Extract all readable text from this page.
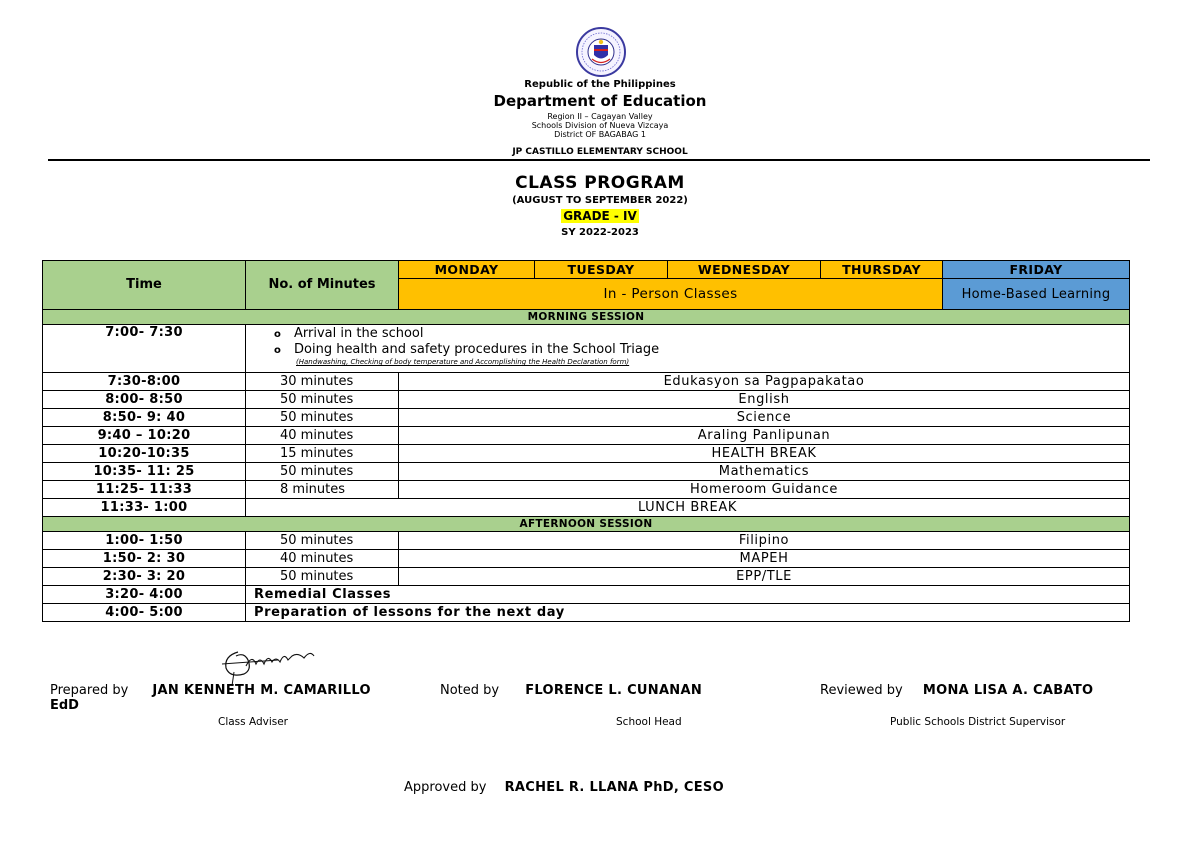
Republic of the Philippines
Department of Education
Region II – Cagayan Valley
Schools Division of Nueva Vizcaya
District OF BAGABAG 1
JP CASTILLO ELEMENTARY SCHOOL
CLASS PROGRAM
(AUGUST TO SEPTEMBER 2022)
GRADE - IV
SY 2022-2023
Time	No. of Minutes	MONDAY	TUESDAY	WEDNESDAY	THURSDAY	FRIDAY
		In - Person Classes				Home-Based Learning
MORNING SESSION						
7:00- 7:30	o Arrival in the school
o Doing health and safety procedures in the School Triage
(Handwashing, Checking of body temperature and Accomplishing the Health Declaration form)

7:30-8:00	30 minutes	Edukasyon sa Pagpapakatao				
8:00- 8:50	50 minutes	English				
8:50- 9: 40	50 minutes	Science				
9:40 – 10:20	40 minutes	Araling Panlipunan				
10:20-10:35	15 minutes	HEALTH BREAK				
10:35- 11: 25	50 minutes	Mathematics				
11:25- 11:33	8 minutes	Homeroom Guidance				
11:33- 1:00	LUNCH BREAK					
AFTERNOON SESSION						
1:00- 1:50	50 minutes	Filipino				
1:50- 2: 30	40 minutes	MAPEH				
2:30- 3: 20	50 minutes	EPP/TLE				
3:20- 4:00	Remedial Classes					
4:00- 5:00	Preparation of lessons for the next day					
Prepared by JAN KENNETH M. CAMARILLO
EdD
Noted by FLORENCE L. CUNANAN	Reviewed by MONA LISA A. CABATO
Class Adviser	School Head	Public Schools District Supervisor
Approved by RACHEL R. LLANA PhD, CESO
